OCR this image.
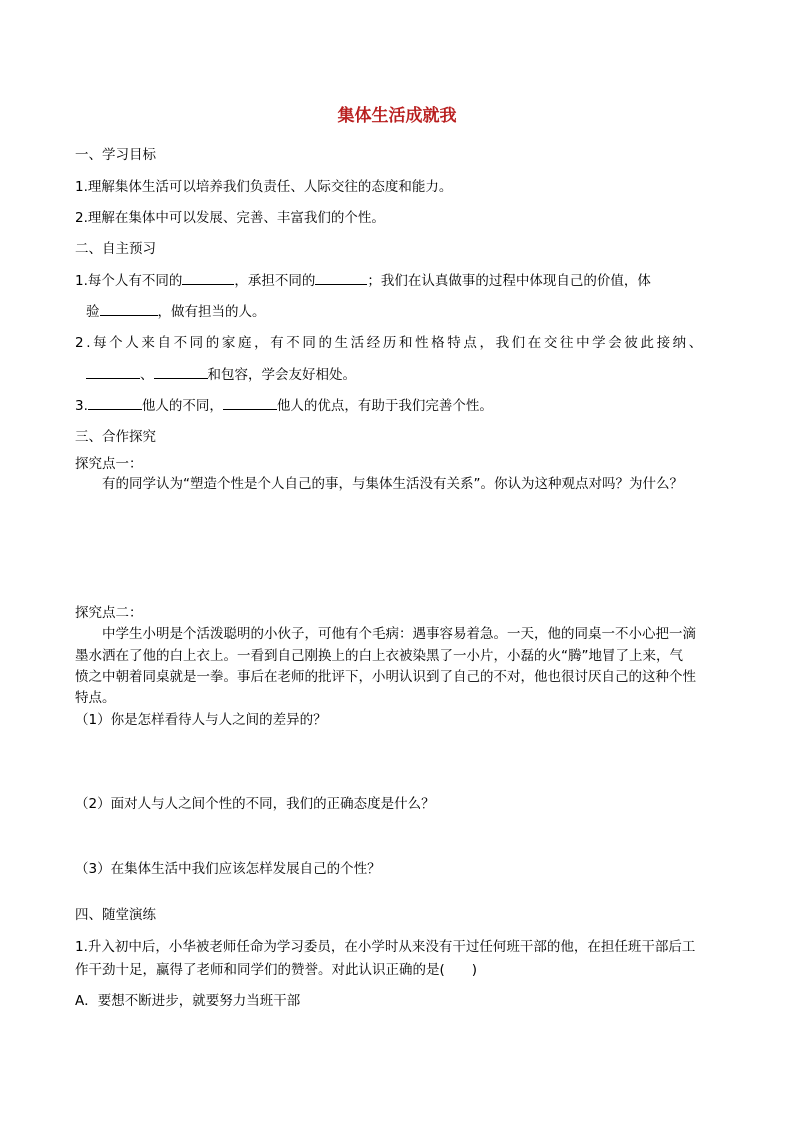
集体生活成就我
一、学习目标
1.理解集体生活可以培养我们负责任、人际交往的态度和能力。
2.理解在集体中可以发展、完善、丰富我们的个性。
二、自主预习
1.每个人有不同的	，承担不同的	；我们在认真做事的过程中体现自己的价值，体
验	，做有担当的人。
2.每个人来自不同的家庭，有不同的生活经历和性格特点，我们在交往中学会彼此接纳、
、	和包容，学会友好相处。
3.	他人的不同，	他人的优点，有助于我们完善个性。
三、合作探究
探究点一：
有的同学认为“塑造个性是个人自己的事，与集体生活没有关系”。你认为这种观点对吗？为什么？
探究点二：
中学生小明是个活泼聪明的小伙子，可他有个毛病：遇事容易着急。一天，他的同桌一不小心把一滴
墨水洒在了他的白上衣上。一看到自己刚换上的白上衣被染黑了一小片，小磊的火“腾”地冒了上来，气
愤之中朝着同桌就是一拳。事后在老师的批评下，小明认识到了自己的不对，他也很讨厌自己的这种个性
特点。
（1）你是怎样看待人与人之间的差异的？
（2）面对人与人之间个性的不同，我们的正确态度是什么？
（3）在集体生活中我们应该怎样发展自己的个性？
四、随堂演练
1.升入初中后，小华被老师任命为学习委员，在小学时从来没有干过任何班干部的他，在担任班干部后工
作干劲十足，赢得了老师和同学们的赞誉。对此认识正确的是(　　)
A．要想不断进步，就要努力当班干部
